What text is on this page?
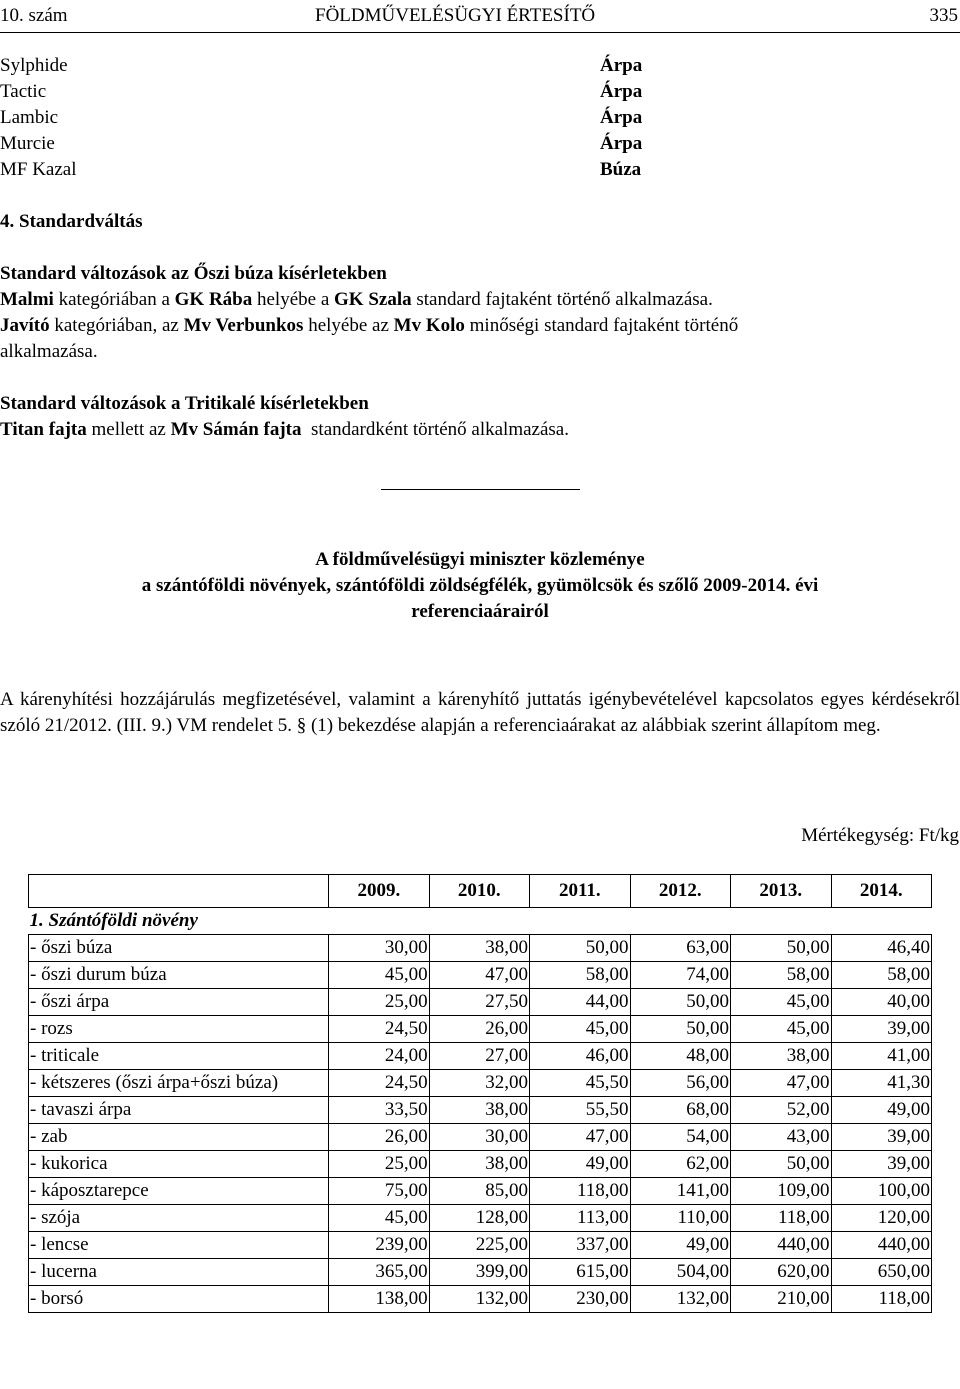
10. szám	FÖLDMŰVELÉSÜGYI ÉRTESÍTŐ	335
Sylphide	Árpa
Tactic	Árpa
Lambic	Árpa
Murcie	Árpa
MF Kazal	Búza
4. Standardváltás
Standard változások az Őszi búza kísérletekben
Malmi kategóriában a GK Rába helyébe a GK Szala standard fajtaként történő alkalmazása.
Javító kategóriában, az Mv Verbunkos helyébe az Mv Kolo minőségi standard fajtaként történő
alkalmazása.
Standard változások a Tritikalé kísérletekben
Titan fajta mellett az Mv Sámán fajta  standardként történő alkalmazása.
A földművelésügyi miniszter közleménye
a szántóföldi növények, szántóföldi zöldségfélék, gyümölcsök és szőlő 2009-2014. évi
referenciaárairól
A kárenyhítési hozzájárulás megfizetésével, valamint a kárenyhítő juttatás igénybevételével kapcsolatos egyes kérdésekről szóló 21/2012. (III. 9.) VM rendelet 5. § (1) bekezdése alapján a referenciaárakat az alábbiak szerint állapítom meg.
Mértékegység: Ft/kg
	2009.	2010.	2011.	2012.	2013.	2014.
1. Szántóföldi növény						
- őszi búza	30,00	38,00	50,00	63,00	50,00	46,40
- őszi durum búza	45,00	47,00	58,00	74,00	58,00	58,00
- őszi árpa	25,00	27,50	44,00	50,00	45,00	40,00
- rozs	24,50	26,00	45,00	50,00	45,00	39,00
- triticale	24,00	27,00	46,00	48,00	38,00	41,00
- kétszeres (őszi árpa+őszi búza)	24,50	32,00	45,50	56,00	47,00	41,30
- tavaszi árpa	33,50	38,00	55,50	68,00	52,00	49,00
- zab	26,00	30,00	47,00	54,00	43,00	39,00
- kukorica	25,00	38,00	49,00	62,00	50,00	39,00
- káposztarepce	75,00	85,00	118,00	141,00	109,00	100,00
- szója	45,00	128,00	113,00	110,00	118,00	120,00
- lencse	239,00	225,00	337,00	49,00	440,00	440,00
- lucerna	365,00	399,00	615,00	504,00	620,00	650,00
- borsó	138,00	132,00	230,00	132,00	210,00	118,00
